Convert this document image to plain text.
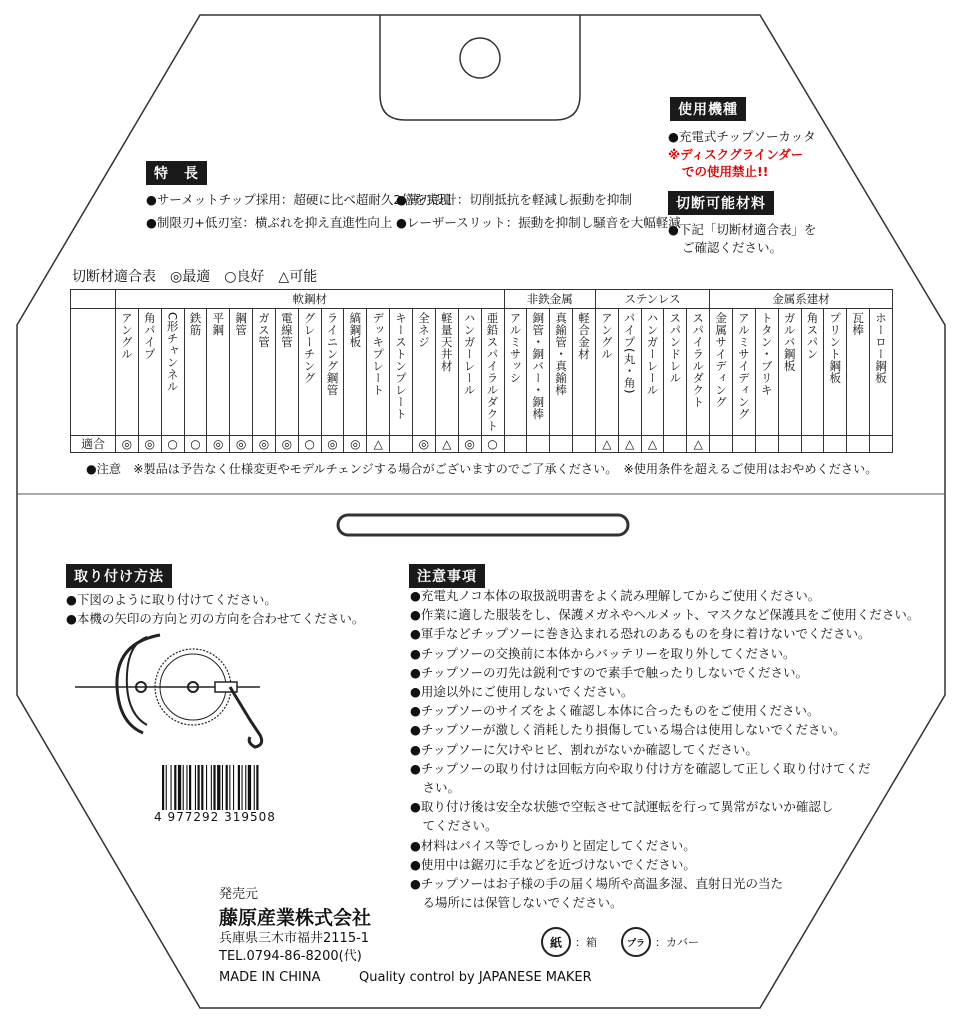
特　長
●サーメットチップ採用：超硬に比べ超耐久2倍を実現
●薄刃設計：切削抵抗を軽減し振動を抑制
●制限刃+低刃室：横ぶれを抑え直進性向上 ●レーザースリット：振動を抑制し騒音を大幅軽減
使用機種
●充電式チップソーカッタ
※ディスクグラインダー
での使用禁止!!
切断可能材料
●下記「切断材適合表」を
ご確認ください。
切断材適合表　◎最適　○良好　△可能
	軟鋼材																	非鉄金属				ステンレス					金属系建材							
	アングル	角パイプ	C形チャンネル	鉄筋	平鋼	鋼管	ガス管	電線管	グレーチング	ライニング鋼管	縞鋼板	デッキプレート	キーストンプレート	全ネジ	軽量天井材	ハンガーレール	亜鉛スパイラルダクト	アルミサッシ	銅管・銅バー・銅棒	真鍮管・真鍮棒	軽合金材	アングル	パイプ(丸・角)	ハンガーレール	スパンドレル	スパイラルダクト	金属サイディング	アルミサイディング	トタン・ブリキ	ガルバ鋼板	角スパン	プリント鋼板	瓦棒	ホーロー鋼板
適合	◎	◎	○	○	◎	◎	◎	◎	○	◎	◎	△		◎	△	◎	○					△	△	△		△								
●注意　※製品は予告なく仕様変更やモデルチェンジする場合がございますのでご了承ください。　※使用条件を超えるご使用はおやめください。
取り付け方法
●下図のように取り付けてください。
●本機の矢印の方向と刃の方向を合わせてください。
4 977292 319508
注意事項
●充電丸ノコ本体の取扱説明書をよく読み理解してからご使用ください。
●作業に適した服装をし、保護メガネやヘルメット、マスクなど保護具をご使用ください。
●軍手などチップソーに巻き込まれる恐れのあるものを身に着けないでください。
●チップソーの交換前に本体からバッテリーを取り外してください。
●チップソーの刃先は鋭利ですので素手で触ったりしないでください。
●用途以外にご使用しないでください。
●チップソーのサイズをよく確認し本体に合ったものをご使用ください。
●チップソーが激しく消耗したり損傷している場合は使用しないでください。
●チップソーに欠けやヒビ、割れがないか確認してください。
●チップソーの取り付けは回転方向や取り付け方を確認して正しく取り付けてくだ
　さい。
●取り付け後は安全な状態で空転させて試運転を行って異常がないか確認し
　てください。
●材料はバイス等でしっかりと固定してください。
●使用中は鋸刃に手などを近づけないでください。
●チップソーはお子様の手の届く場所や高温多湿、直射日光の当た
　る場所には保管しないでください。
発売元
藤原産業株式会社
兵庫県三木市福井2115-1
TEL.0794-86-8200(代)
紙	：箱	プラ ：カバー
MADE IN CHINA	Quality control by JAPANESE MAKER
